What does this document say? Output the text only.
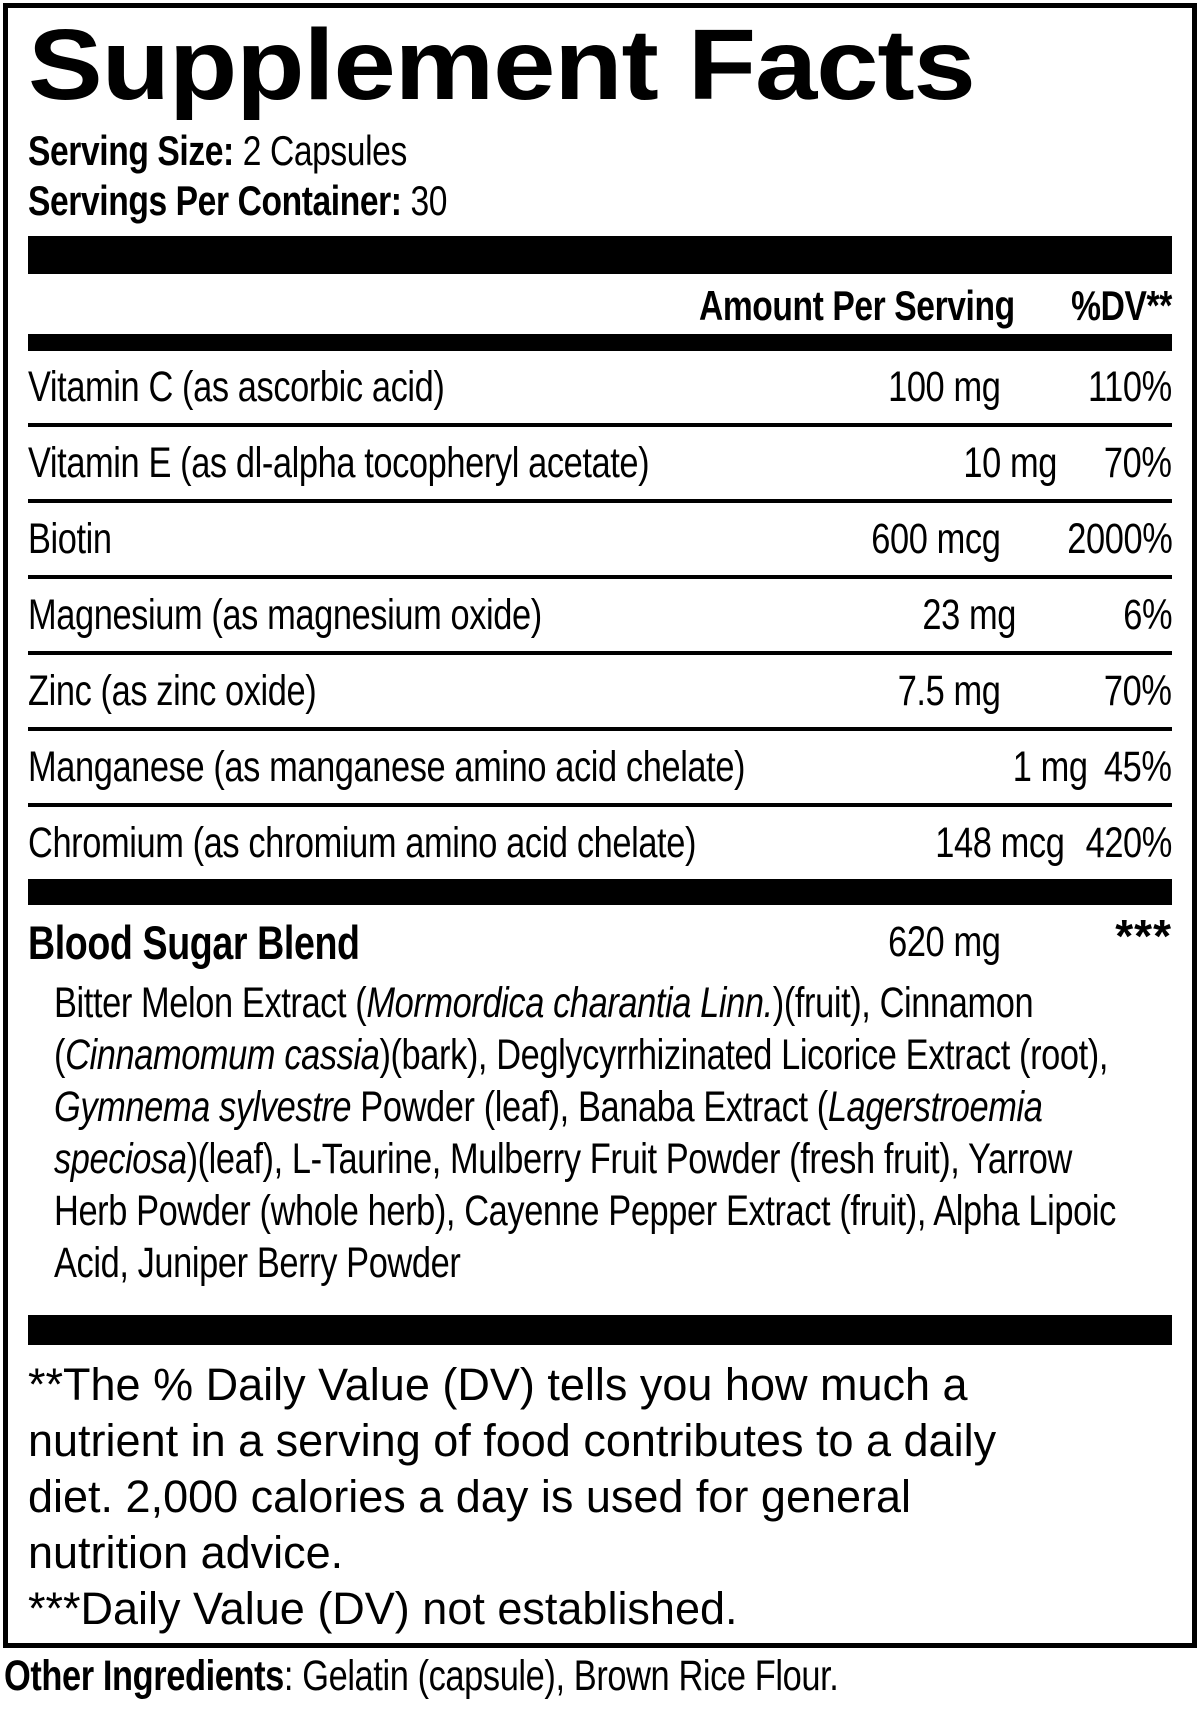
Supplement Facts
Serving Size: 2 Capsules
Servings Per Container: 30
Amount Per Serving	%DV**
Vitamin C (as ascorbic acid)	100 mg	110%
Vitamin E (as dl-alpha tocopheryl acetate)	10 mg	70%
Biotin	600 mcg	2000%
Magnesium (as magnesium oxide)	23 mg	6%
Zinc (as zinc oxide)	7.5 mg	70%
Manganese (as manganese amino acid chelate)	1 mg 45%
Chromium (as chromium amino acid chelate)	148 mcg 420%
Blood Sugar Blend	620 mg	***

Bitter Melon Extract (Mormordica charantia Linn.)(fruit), Cinnamon (Cinnamomum cassia)(bark), Deglycyrrhizinated Licorice Extract (root), Gymnema sylvestre Powder (leaf), Banaba Extract (Lagerstroemia speciosa)(leaf), L-Taurine, Mulberry Fruit Powder (fresh fruit), Yarrow Herb Powder (whole herb), Cayenne Pepper Extract (fruit), Alpha Lipoic Acid, Juniper Berry Powder

**The % Daily Value (DV) tells you how much a
nutrient in a serving of food contributes to a daily
diet. 2,000 calories a day is used for general
nutrition advice.
***Daily Value (DV) not established.
Other Ingredients: Gelatin (capsule), Brown Rice Flour.
